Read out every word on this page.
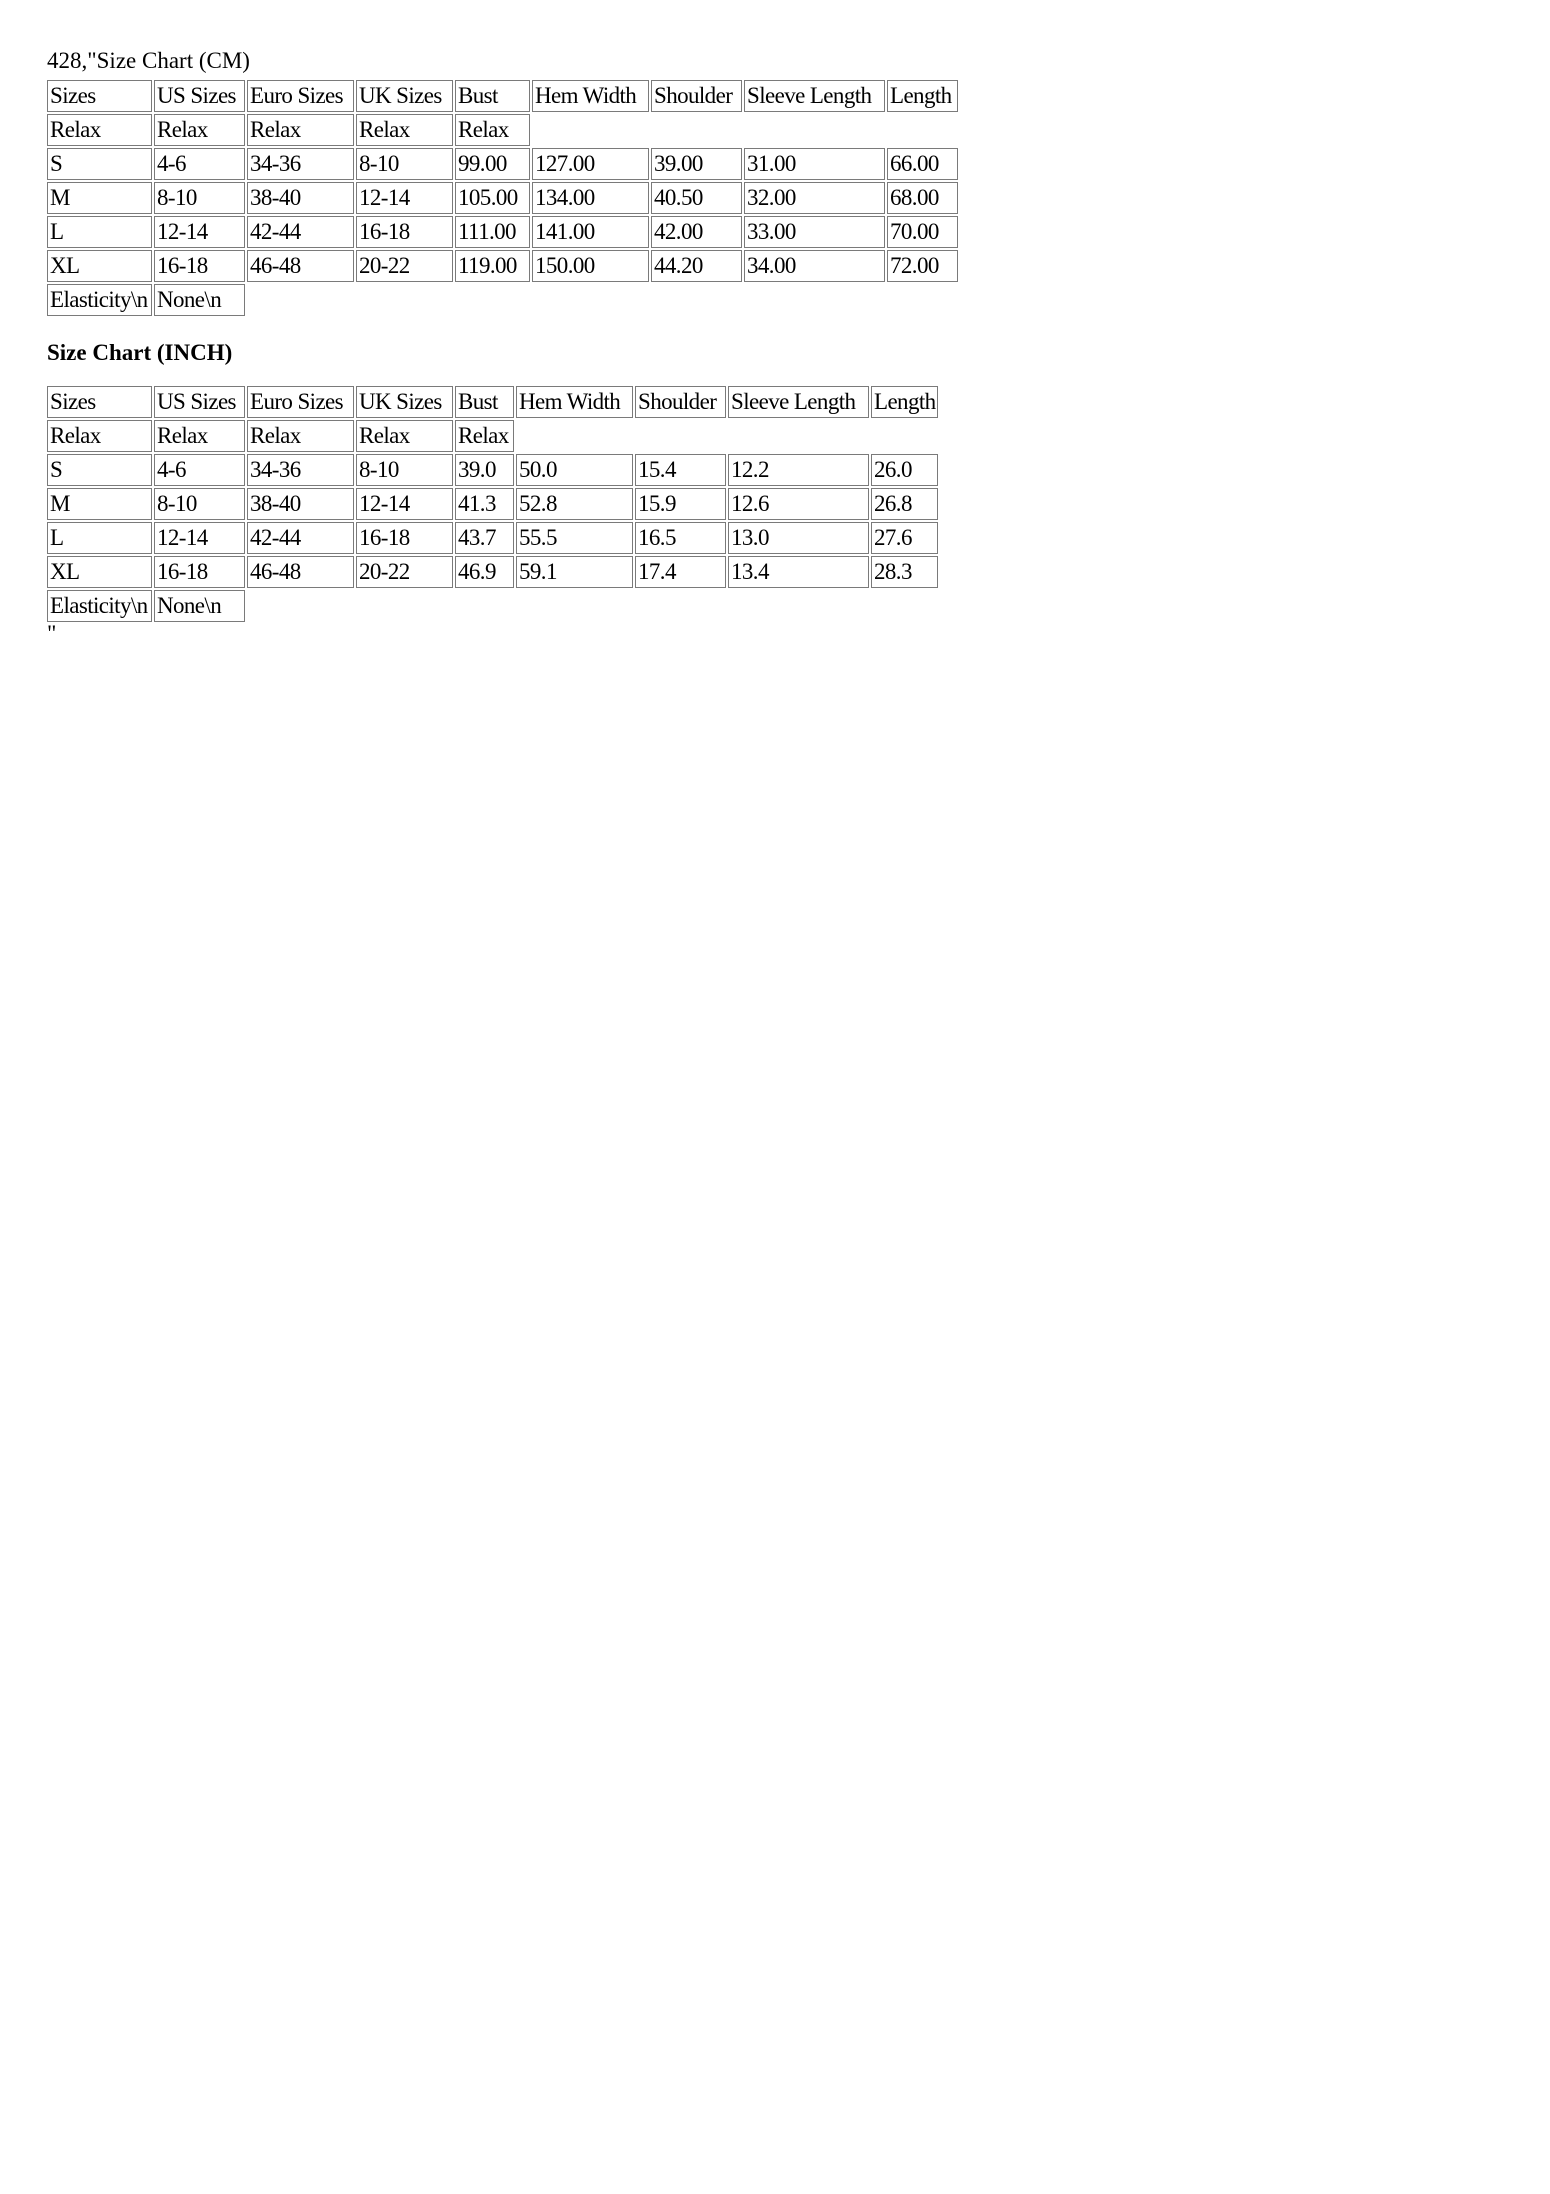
428,"Size Chart (CM)
Sizes	US Sizes	Euro Sizes	UK Sizes	Bust	Hem Width	Shoulder	Sleeve Length	Length
Relax	Relax	Relax	Relax	Relax				
S	4-6	34-36	8-10	99.00	127.00	39.00	31.00	66.00
M	8-10	38-40	12-14	105.00	134.00	40.50	32.00	68.00
L	12-14	42-44	16-18	111.00	141.00	42.00	33.00	70.00
XL	16-18	46-48	20-22	119.00	150.00	44.20	34.00	72.00
Elasticity\n	None\n							
Size Chart (INCH)
Sizes	US Sizes	Euro Sizes	UK Sizes	Bust	Hem Width	Shoulder	Sleeve Length	Length
Relax	Relax	Relax	Relax	Relax				
S	4-6	34-36	8-10	39.0	50.0	15.4	12.2	26.0
M	8-10	38-40	12-14	41.3	52.8	15.9	12.6	26.8
L	12-14	42-44	16-18	43.7	55.5	16.5	13.0	27.6
XL	16-18	46-48	20-22	46.9	59.1	17.4	13.4	28.3
Elasticity\n	None\n							
"
